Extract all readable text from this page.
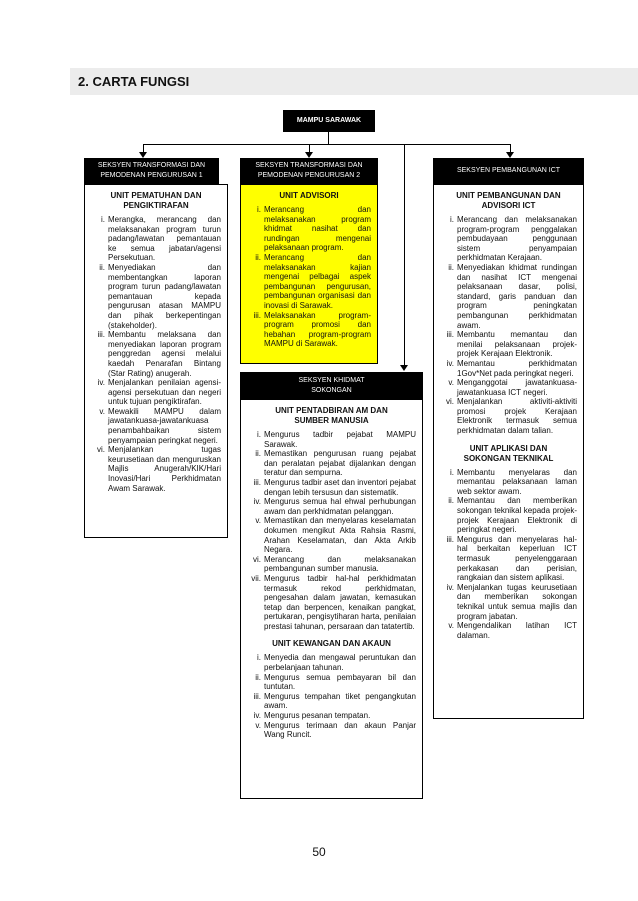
2. CARTA FUNGSI
MAMPU SARAWAK
SEKSYEN TRANSFORMASI DAN PEMODENAN PENGURUSAN 1
UNIT PEMATUHAN DAN PENGIKTIRAFAN
i. Merangka, merancang dan melaksanakan program turun padang/lawatan pemantauan ke semua jabatan/agensi Persekutuan.
ii. Menyediakan dan membentangkan laporan program turun padang/lawatan pemantauan kepada pengurusan atasan MAMPU dan pihak berkepentingan (stakeholder).
iii. Membantu melaksana dan menyediakan laporan program penggredan agensi melalui kaedah Penarafan Bintang (Star Rating) anugerah.
iv. Menjalankan penilaian agensi-agensi persekutuan dan negeri untuk tujuan pengiktirafan.
v. Mewakili MAMPU dalam jawatankuasa-jawatankuasa penambahbaikan sistem penyampaian peringkat negeri.
vi. Menjalankan tugas keurusetiaan dan menguruskan Majlis Anugerah/KIK/Hari Inovasi/Hari Perkhidmatan Awam Sarawak.
SEKSYEN TRANSFORMASI DAN PEMODENAN PENGURUSAN 2
UNIT ADVISORI
i. Merancang dan melaksanakan program khidmat nasihat dan rundingan mengenai pelaksanaan program.
ii. Merancang dan melaksanakan kajian mengenai pelbagai aspek pembangunan pengurusan, pembangunan organisasi dan inovasi di Sarawak.
iii. Melaksanakan program-program promosi dan hebahan program-program MAMPU di Sarawak.
SEKSYEN KHIDMAT SOKONGAN
UNIT PENTADBIRAN AM DAN SUMBER MANUSIA
i. Mengurus tadbir pejabat MAMPU Sarawak.
ii. Memastikan pengurusan ruang pejabat dan peralatan pejabat dijalankan dengan teratur dan sempurna.
iii. Mengurus tadbir aset dan inventori pejabat dengan lebih tersusun dan sistematik.
iv. Mengurus semua hal ehwal perhubungan awam dan perkhidmatan pelanggan.
v. Memastikan dan menyelaras keselamatan dokumen mengikut Akta Rahsia Rasmi, Arahan Keselamatan, dan Akta Arkib Negara.
vi. Merancang dan melaksanakan pembangunan sumber manusia.
vii. Mengurus tadbir hal-hal perkhidmatan termasuk rekod perkhidmatan, pengesahan dalam jawatan, kemasukan tetap dan berpencen, kenaikan pangkat, pertukaran, pengisytiharan harta, penilaian prestasi tahunan, persaraan dan tatatertib.
UNIT KEWANGAN DAN AKAUN
i. Menyedia dan mengawal peruntukan dan perbelanjaan tahunan.
ii. Mengurus semua pembayaran bil dan tuntutan.
iii. Mengurus tempahan tiket pengangkutan awam.
iv. Mengurus pesanan tempatan.
v. Mengurus terimaan dan akaun Panjar Wang Runcit.
SEKSYEN PEMBANGUNAN ICT
UNIT PEMBANGUNAN DAN ADVISORI ICT
i. Merancang dan melaksanakan program-program penggalakan pembudayaan penggunaan sistem penyampaian perkhidmatan Kerajaan.
ii. Menyediakan khidmat rundingan dan nasihat ICT mengenai pelaksanaan dasar, polisi, standard, garis panduan dan program peningkatan pembangunan perkhidmatan awam.
iii. Membantu memantau dan menilai pelaksanaan projek-projek Kerajaan Elektronik.
iv. Memantau perkhidmatan 1Gov*Net pada peringkat negeri.
v. Menganggotai jawatankuasa-jawatankuasa ICT negeri.
vi. Menjalankan aktiviti-aktiviti promosi projek Kerajaan Elektronik termasuk semua perkhidmatan dalam talian.
UNIT APLIKASI DAN SOKONGAN TEKNIKAL
i. Membantu menyelaras dan memantau pelaksanaan laman web sektor awam.
ii. Memantau dan memberikan sokongan teknikal kepada projek-projek Kerajaan Elektronik di peringkat negeri.
iii. Mengurus dan menyelaras hal-hal berkaitan keperluan ICT termasuk penyelenggaraan perkakasan dan perisian, rangkaian dan sistem aplikasi.
iv. Menjalankan tugas keurusetiaan dan memberikan sokongan teknikal untuk semua majlis dan program jabatan.
v. Mengendalikan latihan ICT dalaman.
50
